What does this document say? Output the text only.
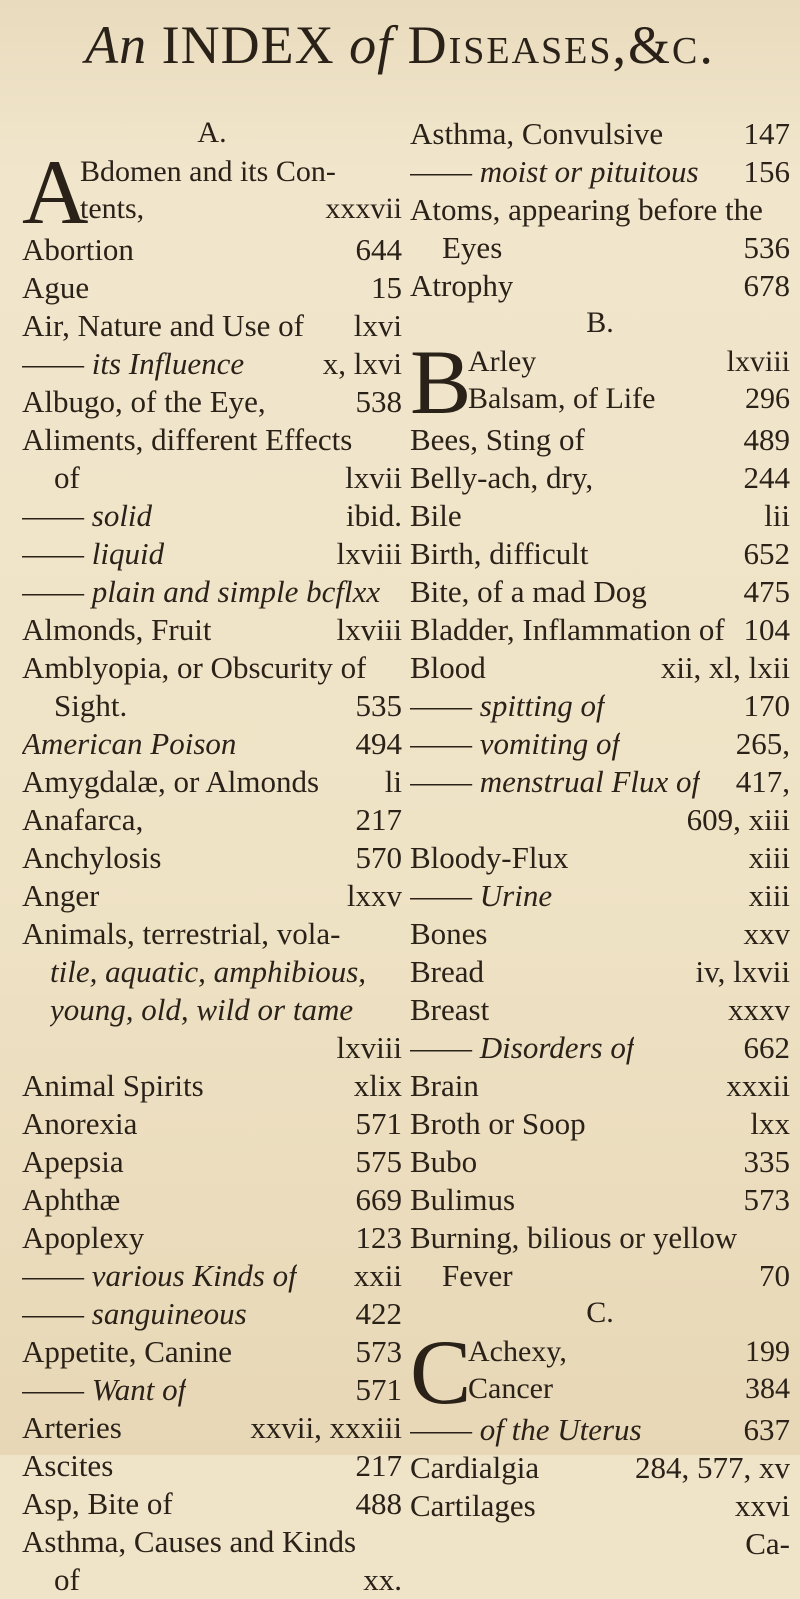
An INDEX of Diseases,&c.
A.
A
Bdomen and its Con-
tents,	xxxvii
Abortion	644
Ague	15
Air, Nature and Use of lxvi
—— its Influence	x, lxvi
Albugo, of the Eye,	538
Aliments, different Effects
of	lxvii
—— solid	ibid.
—— liquid	lxviii
—— plain and simple bcflxx
Almonds, Fruit	lxviii
Amblyopia, or Obscurity of
Sight.	535
American Poison	494
Amygdalæ, or Almonds li
Anafarca,	217
Anchylosis	570
Anger	lxxv
Animals, terrestrial, vola-
tile, aquatic, amphibious,
young, old, wild or tame
lxviii
Animal Spirits	xlix
Anorexia	571
Apepsia	575
Aphthæ	669
Apoplexy	123
—— various Kinds of xxii
—— sanguineous	422
Appetite, Canine	573
—— Want of	571
Arteries	xxvii, xxxiii
Ascites	217
Asp, Bite of	488
Asthma, Causes and Kinds
of	xx.
Asthma, Convulsive	147
—— moist or pituitous 156
Atoms, appearing before the
Eyes	536
Atrophy	678
B.
B
Arley	lxviii
Balsam, of Life	296
Bees, Sting of	489
Belly-ach, dry,	244
Bile	lii
Birth, difficult	652
Bite, of a mad Dog	475
Bladder, Inflammation of 104
Blood	xii, xl, lxii
—— spitting of	170
—— vomiting of	265,
—— menstrual Flux of 417,
609, xiii
Bloody-Flux	xiii
—— Urine	xiii
Bones	xxv
Bread	iv, lxvii
Breast	xxxv
—— Disorders of	662
Brain	xxxii
Broth or Soop	lxx
Bubo	335
Bulimus	573
Burning, bilious or yellow
Fever	70
C.
C
Achexy,	199
Cancer	384
—— of the Uterus	637
Cardialgia	284, 577, xv
Cartilages	xxvi
Ca-
